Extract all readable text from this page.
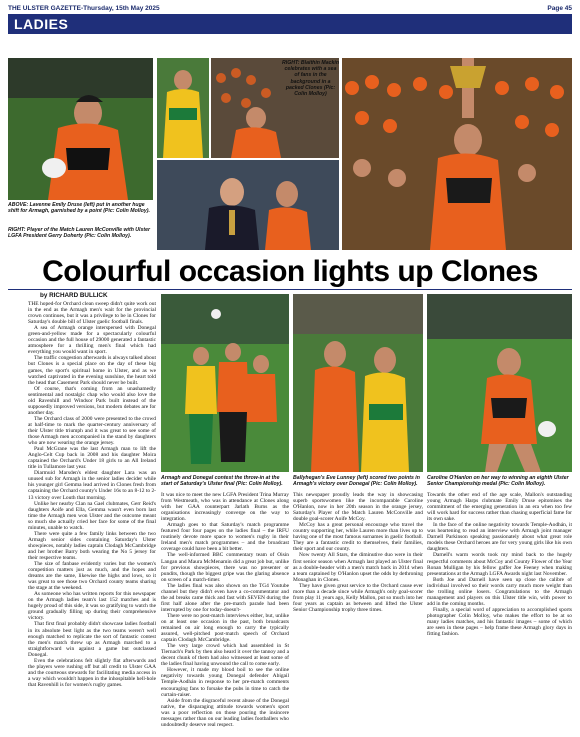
THE ULSTER GAZETTE-Thursday, 15th May 2025	Page 45
LADIES
ABOVE: Lavenne Emily Druse (left) put in another huge shift for Armagh, garnished by a point (Pic: Colin Molloy).
RIGHT: Blaithin Mackin celebrates with a sea of fans in the background in a packed Clones (Pic: Colin Molloy)
RIGHT: Player of the Match Lauren McConville with Ulster LGFA President Gerry Doherty (Pic: Colin Molloy).
Colourful occasion lights up Clones
by RICHARD BULLICK
Armagh and Donegal contest the throw-in at the start of Saturday's Ulster final (Pic: Colin Molloy).
Ballyhegan's Eve Lunney (left) scored two points in Armagh's victory over Donegal (Pic: Colin Molloy).
Caroline O'Hanlon on her way to winning an eighth Ulster Senior Championship medal (Pic: Colin Molloy).

THE hoped-for Orchard clean sweep didn't quite work out in the end as the Armagh men's wait for the provincial crown continues, but it was a privilege to be in Clones for Saturday's double bill of Ulster gaelic football finals.

A sea of Armagh orange interspersed with Donegal green-and-yellow made for a spectacularly colourful occasion and the full house of 29000 generated a fantastic atmosphere for a thrilling men's final which had everything you would want in sport.

The traffic congestion afterwards is always talked about but Clones is a special place on the day of these big games, the sport's spiritual home in Ulster, and as we watched captivated in the evening sunshine, the heart told the head that Casement Park should never be built.

Of course, that's coming from an unashamedly sentimental and nostalgic chap who would also love the old Ravenhill and Windsor Park built instead of the supposedly improved versions, but modern debates are for another day.

The Orchard class of 2000 were presented to the crowd at half-time to mark the quarter-century anniversary of their Ulster title triumph and it was great to see some of those Armagh men accompanied in the stand by daughters who are now wearing the orange jersey.

Paul McGrane was the last Armagh man to lift the Anglo-Celt Cup back in 2008 and his daughter Moira captained the Orchard's Under 18 girls to an All Ireland title in Tullamore last year.

Diarmuid Marsden's eldest daughter Lara was an unused sub for Armagh in the senior ladies decider while his younger girl Gemma lead arrived in Clones fresh from captaining the Orchard county's Under 16s to an 8-12 to 2-13 victory over Louth that morning.

Unlike her nearby Clan na Gael clubmates, Gerr Reid's daughters Aoife and Ella, Gemma wasn't even born last time the Armagh men won Ulster and the outcome meant so much she actually cried her face for some of the final minutes, unable to watch.

There were quite a few family links between the two Armagh senior sides containing Saturday's Ulster showpieces, notably ladies captain Clodagh McCambridge and her brother Barry both wearing the No 5 jersey for their respective teams.

The size of fanbase evidently varies but the women's competition matters just as much, and the hopes and dreams are the same, likewise the highs and lows, so it was great to see those two Orchard county teams sharing the stage at the weekend.

As someone who has written reports for this newspaper on the Armagh ladies team's last 152 matches and is hugely proud of this side, it was so gratifying to watch the ground gradually filling up during their comprehensive victory.

That first final probably didn't showcase ladies football in its absolute best light as the two teams weren't well enough matched to replicate the sort of fantastic contest the men's match threw up as Armagh marched to a straightforward win against a game but outclassed Donegal.

Even the celebrations felt slightly flat afterwards and the players were rushing off but all credit to Ulster GAA and the courteous stewards for facilitating media access in a way which wouldn't happen in the inhospitable hell-hole that Ravenhill is for women's rugby games.

It was nice to meet the new LGFA President Trina Murray from Westmeath, who was in attendance at Clones along with her GAA counterpart Jarlath Burns as the organisations increasingly converge on the way to integration.

Armagh goes to that Saturday's match programme featured four four pages on the ladies final – the IRFU routinely devote more space to women's rugby in their Ireland men's match programmes – and the broadcast coverage could have been a bit better.

The well-informed BBC commentary team of Oisin Langan and Maura McMenamin did a great job but, unlike for previous showpieces, there was no presenter or pundits, though the biggest gripe was the glaring absence on screen of a match-timer.

The ladies final was also shown on the TG4 Youtube channel but they didn't even have a co-commentator and the ad breaks came thick and fast with SEVEN during the first half alone after the pre-match parade had been interrupted by one for today-doesn't-

There were no post-match interviews either, but, unlike on at least one occasion in the past, both broadcasts remained on air long enough to carry the typically assured, well-pitched post-match speech of Orchard captain Clodagh McCambridge.

The very large crowd which had assembled in St Tiernach's Park by then also heard it over the tannoy and a decent chunk of them had also witnessed at least some of the ladies final having unwound the call to come early.

However, it made my blood boil to see the online negativity towards young Donegal defender Abigail Temple-Aodhán in response to her pre-match comments encouraging fans to forsake the pubs in time to catch the curtain-raiser.

Aside from the disgraceful recent abuse of the Donegal native, the disparaging attitude towards women's sport was a poor reflection on those pouring the insincere messages rather than on our leading ladies footballers who undoubtedly deserve real respect.

This newspaper proudly leads the way in showcasing superb sportswomen like the incomparable Caroline O'Hanlon, now in her 20th season in the orange jersey, Saturday's Player of the Match Lauren McConville and double goal-scorer Aoife McCoy.

McCoy has a great personal encourage who travel the country supporting her, while Lauren more than lives up to having one of the most famous surnames in gaelic football. They are a fantastic credit to themselves, their families, their sport and our county.

Now twenty All Stars, the diminutive duo were in their first senior season when Armagh last played an Ulster final as a double-header with a men's match back in 2014 when a team captained by O'Hanlon upset the odds by dethroning Monaghan in Clones.

They have given great service to the Orchard cause ever more than a decade since while Armagh's only goal-scorer from play 11 years ago, Kelly Mallon, put so much into her four years as captain as between and lifted the Ulster Senior Championship trophy three times.

Towards the other end of the age scale, Mallon's outstanding young Armagh Harps clubmate Emily Druse epitomises the commitment of the emerging generation in an era when too few will work hard for success rather than chasing superficial fame for its own sake.

In the face of the online negativity towards Temple-Aodhán, it was heartening to read an interview with Armagh joint manager Darnell Parkinson speaking passionately about what great role models these Orchard heroes are for very young girls like his own daughters.

Darnell's warm words took my mind back to the hugely respectful comments about McCoy and County Flower of the Year Ronan Mulligan by his fellow gaffer Joe Feeney when making presentations at the Armagh LGFA Awards night last November.

Both Joe and Darnell have seen up close the calibre of individual involved so their words carry much more weight than the trolling online losers. Congratulations to the Armagh management and players on this Ulster title win, with power to add in the coming months.

Finally, a special word of appreciation to accomplished sports photographer Colin Molloy, who makes the effort to be at so many ladies matches, and his fantastic images – some of which are seen in these pages – help frame these Armagh glory days in fitting fashion.
